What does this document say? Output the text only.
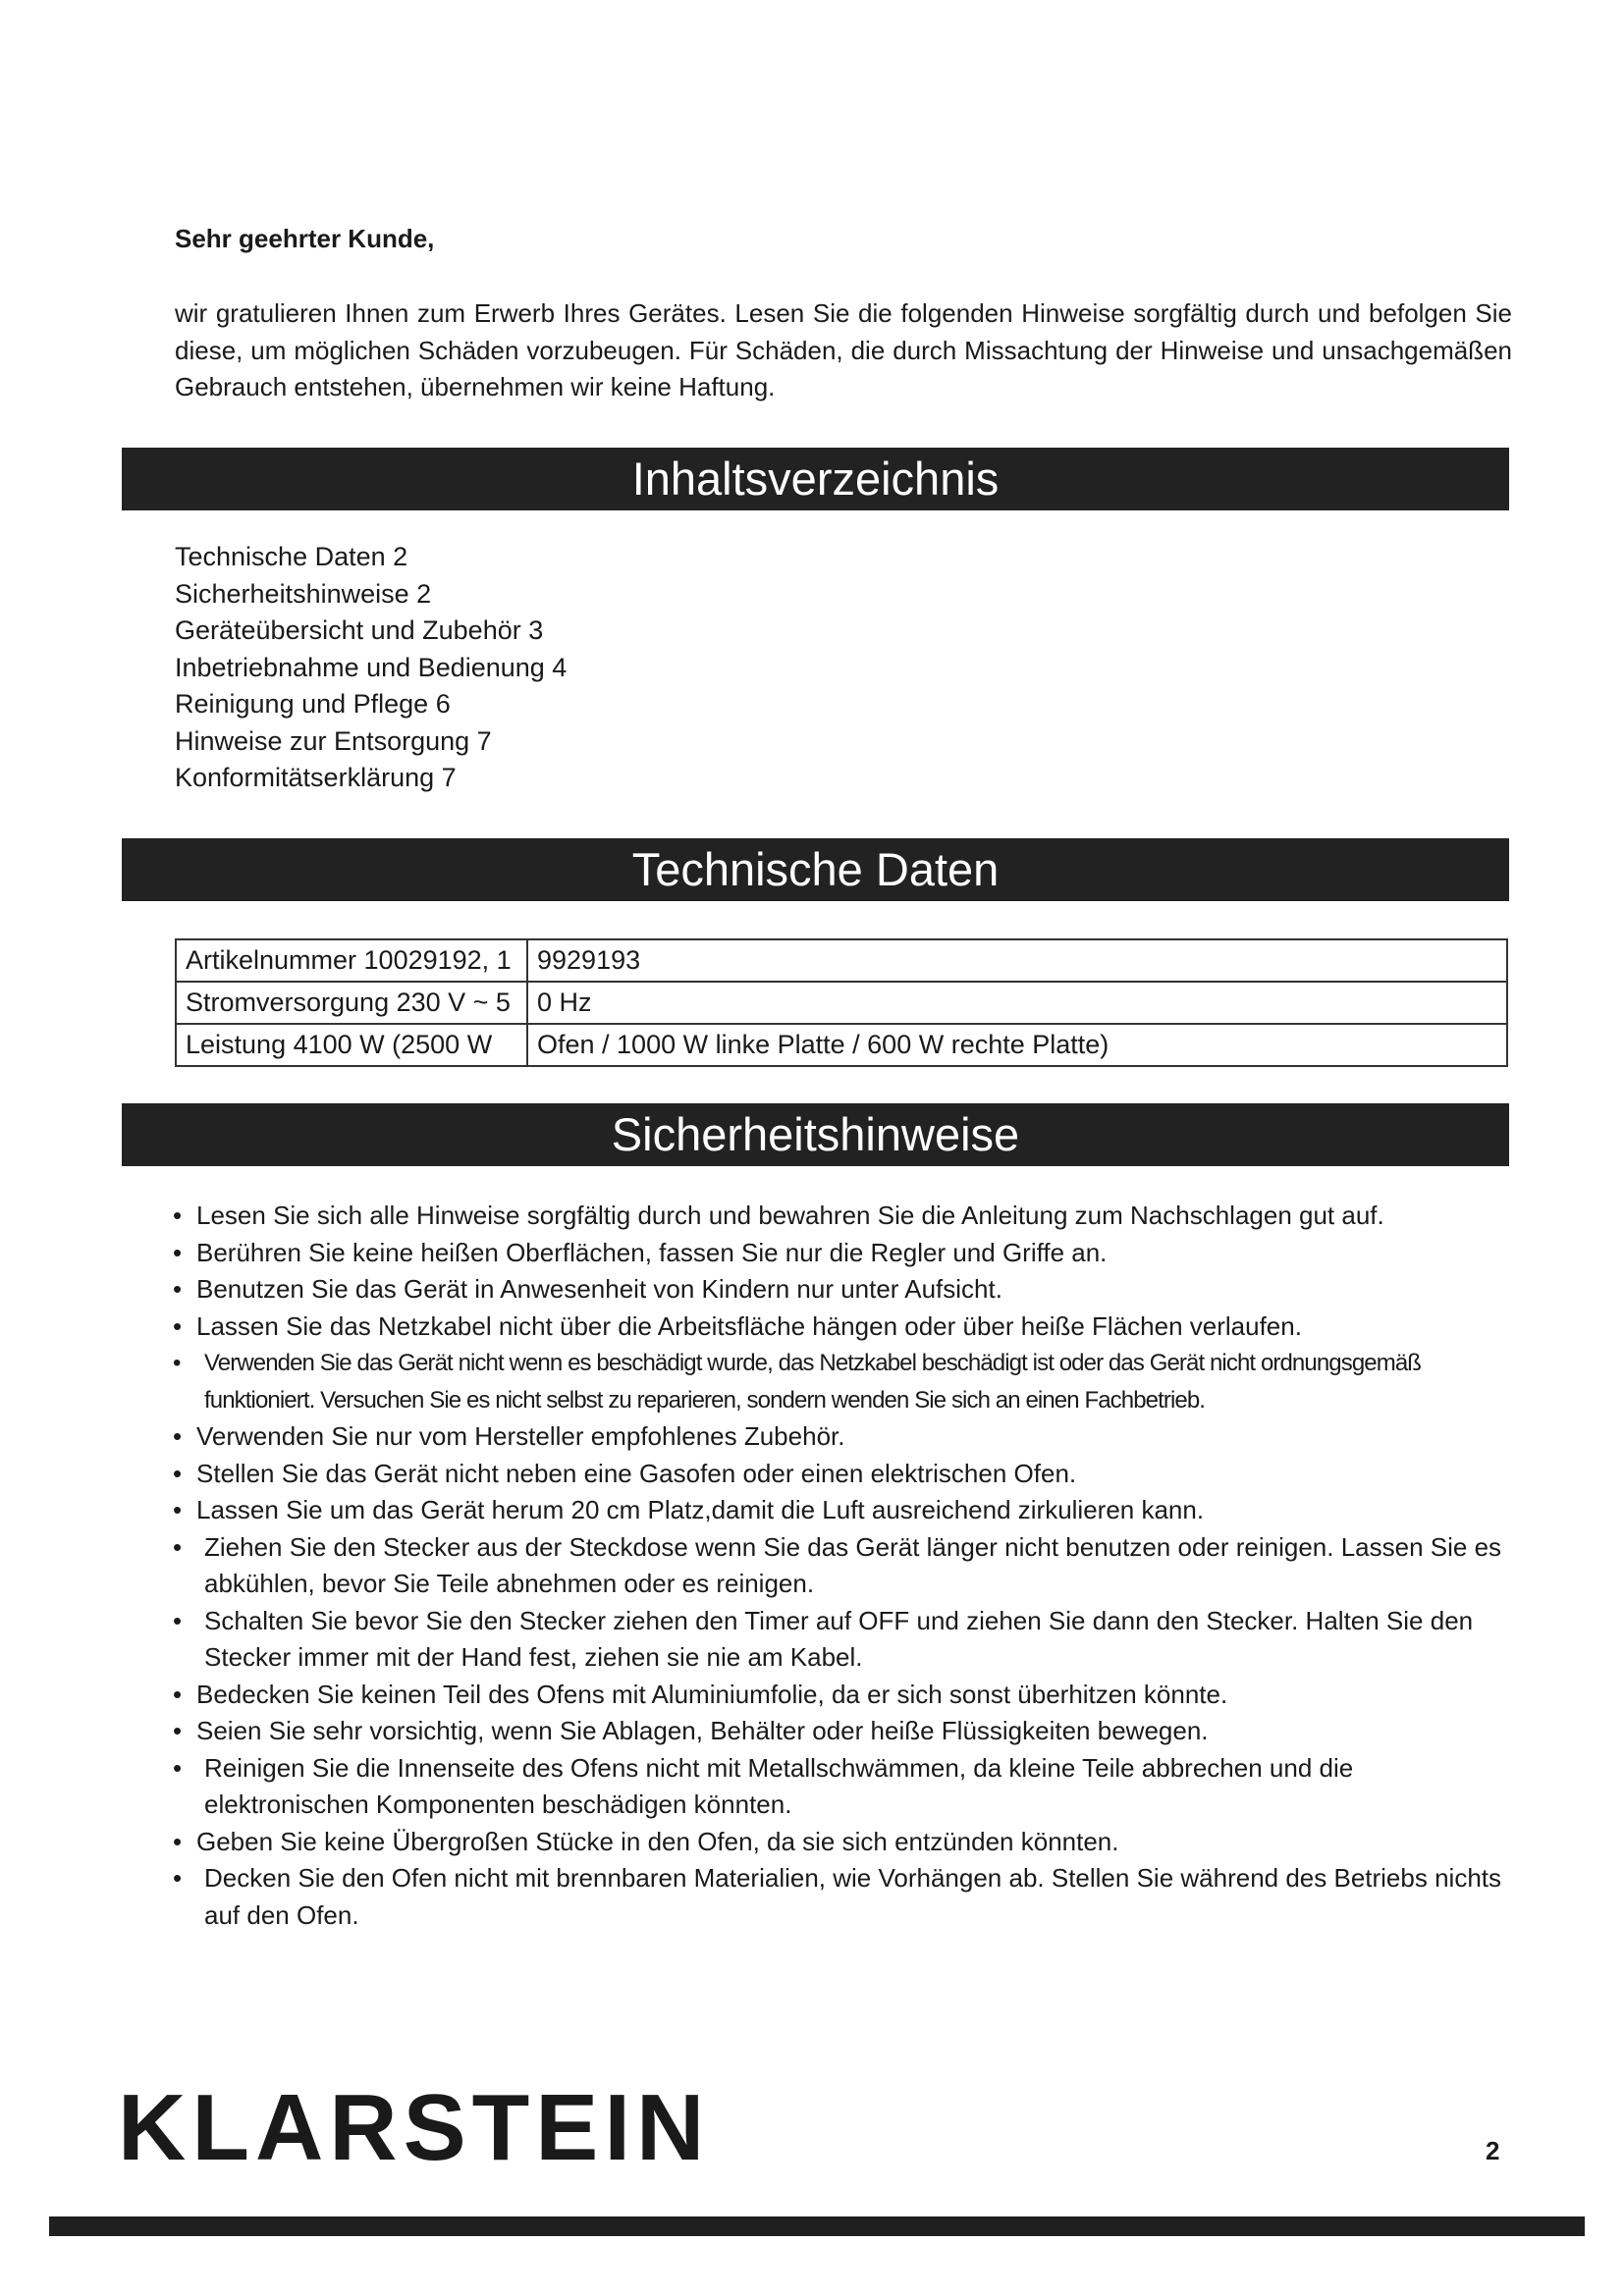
Sehr geehrter Kunde,

wir gratulieren Ihnen zum Erwerb Ihres Gerätes. Lesen Sie die folgenden Hinweise sorgfältig durch und befolgen Sie diese, um möglichen Schäden vorzubeugen. Für Schäden, die durch Missachtung der Hinweise und unsachgemäßen Gebrauch entstehen, übernehmen wir keine Haftung.

Inhaltsverzeichnis
Technische Daten 2
Sicherheitshinweise 2
Geräteübersicht und Zubehör 3
Inbetriebnahme und Bedienung 4
Reinigung und Pflege 6
Hinweise zur Entsorgung 7
Konformitätserklärung 7
Technische Daten
Artikelnummer 10029192, 1	9929193
Stromversorgung 230 V ~ 5	0 Hz
Leistung 4100 W (2500 W	Ofen / 1000 W linke Platte / 600 W rechte Platte)
Sicherheitshinweise
• Lesen Sie sich alle Hinweise sorgfältig durch und bewahren Sie die Anleitung zum Nachschlagen gut auf.
• Berühren Sie keine heißen Oberflächen, fassen Sie nur die Regler und Griffe an.
• Benutzen Sie das Gerät in Anwesenheit von Kindern nur unter Aufsicht.
• Lassen Sie das Netzkabel nicht über die Arbeitsfläche hängen oder über heiße Flächen verlaufen.
• Verwenden Sie das Gerät nicht wenn es beschädigt wurde, das Netzkabel beschädigt ist oder das Gerät nicht ordnungsgemäß funktioniert. Versuchen Sie es nicht selbst zu reparieren, sondern wenden Sie sich an einen Fachbetrieb.
• Verwenden Sie nur vom Hersteller empfohlenes Zubehör.
• Stellen Sie das Gerät nicht neben eine Gasofen oder einen elektrischen Ofen.
• Lassen Sie um das Gerät herum 20 cm Platz,damit die Luft ausreichend zirkulieren kann.
• Ziehen Sie den Stecker aus der Steckdose wenn Sie das Gerät länger nicht benutzen oder reinigen. Lassen Sie es abkühlen, bevor Sie Teile abnehmen oder es reinigen.
• Schalten Sie bevor Sie den Stecker ziehen den Timer auf OFF und ziehen Sie dann den Stecker. Halten Sie den Stecker immer mit der Hand fest, ziehen sie nie am Kabel.
• Bedecken Sie keinen Teil des Ofens mit Aluminiumfolie, da er sich sonst überhitzen könnte.
• Seien Sie sehr vorsichtig, wenn Sie Ablagen, Behälter oder heiße Flüssigkeiten bewegen.
• Reinigen Sie die Innenseite des Ofens nicht mit Metallschwämmen, da kleine Teile abbrechen und die elektronischen Komponenten beschädigen könnten.
• Geben Sie keine Übergroßen Stücke in den Ofen, da sie sich entzünden könnten.
• Decken Sie den Ofen nicht mit brennbaren Materialien, wie Vorhängen ab. Stellen Sie während des Betriebs nichts auf den Ofen.
KLARSTEIN	2
